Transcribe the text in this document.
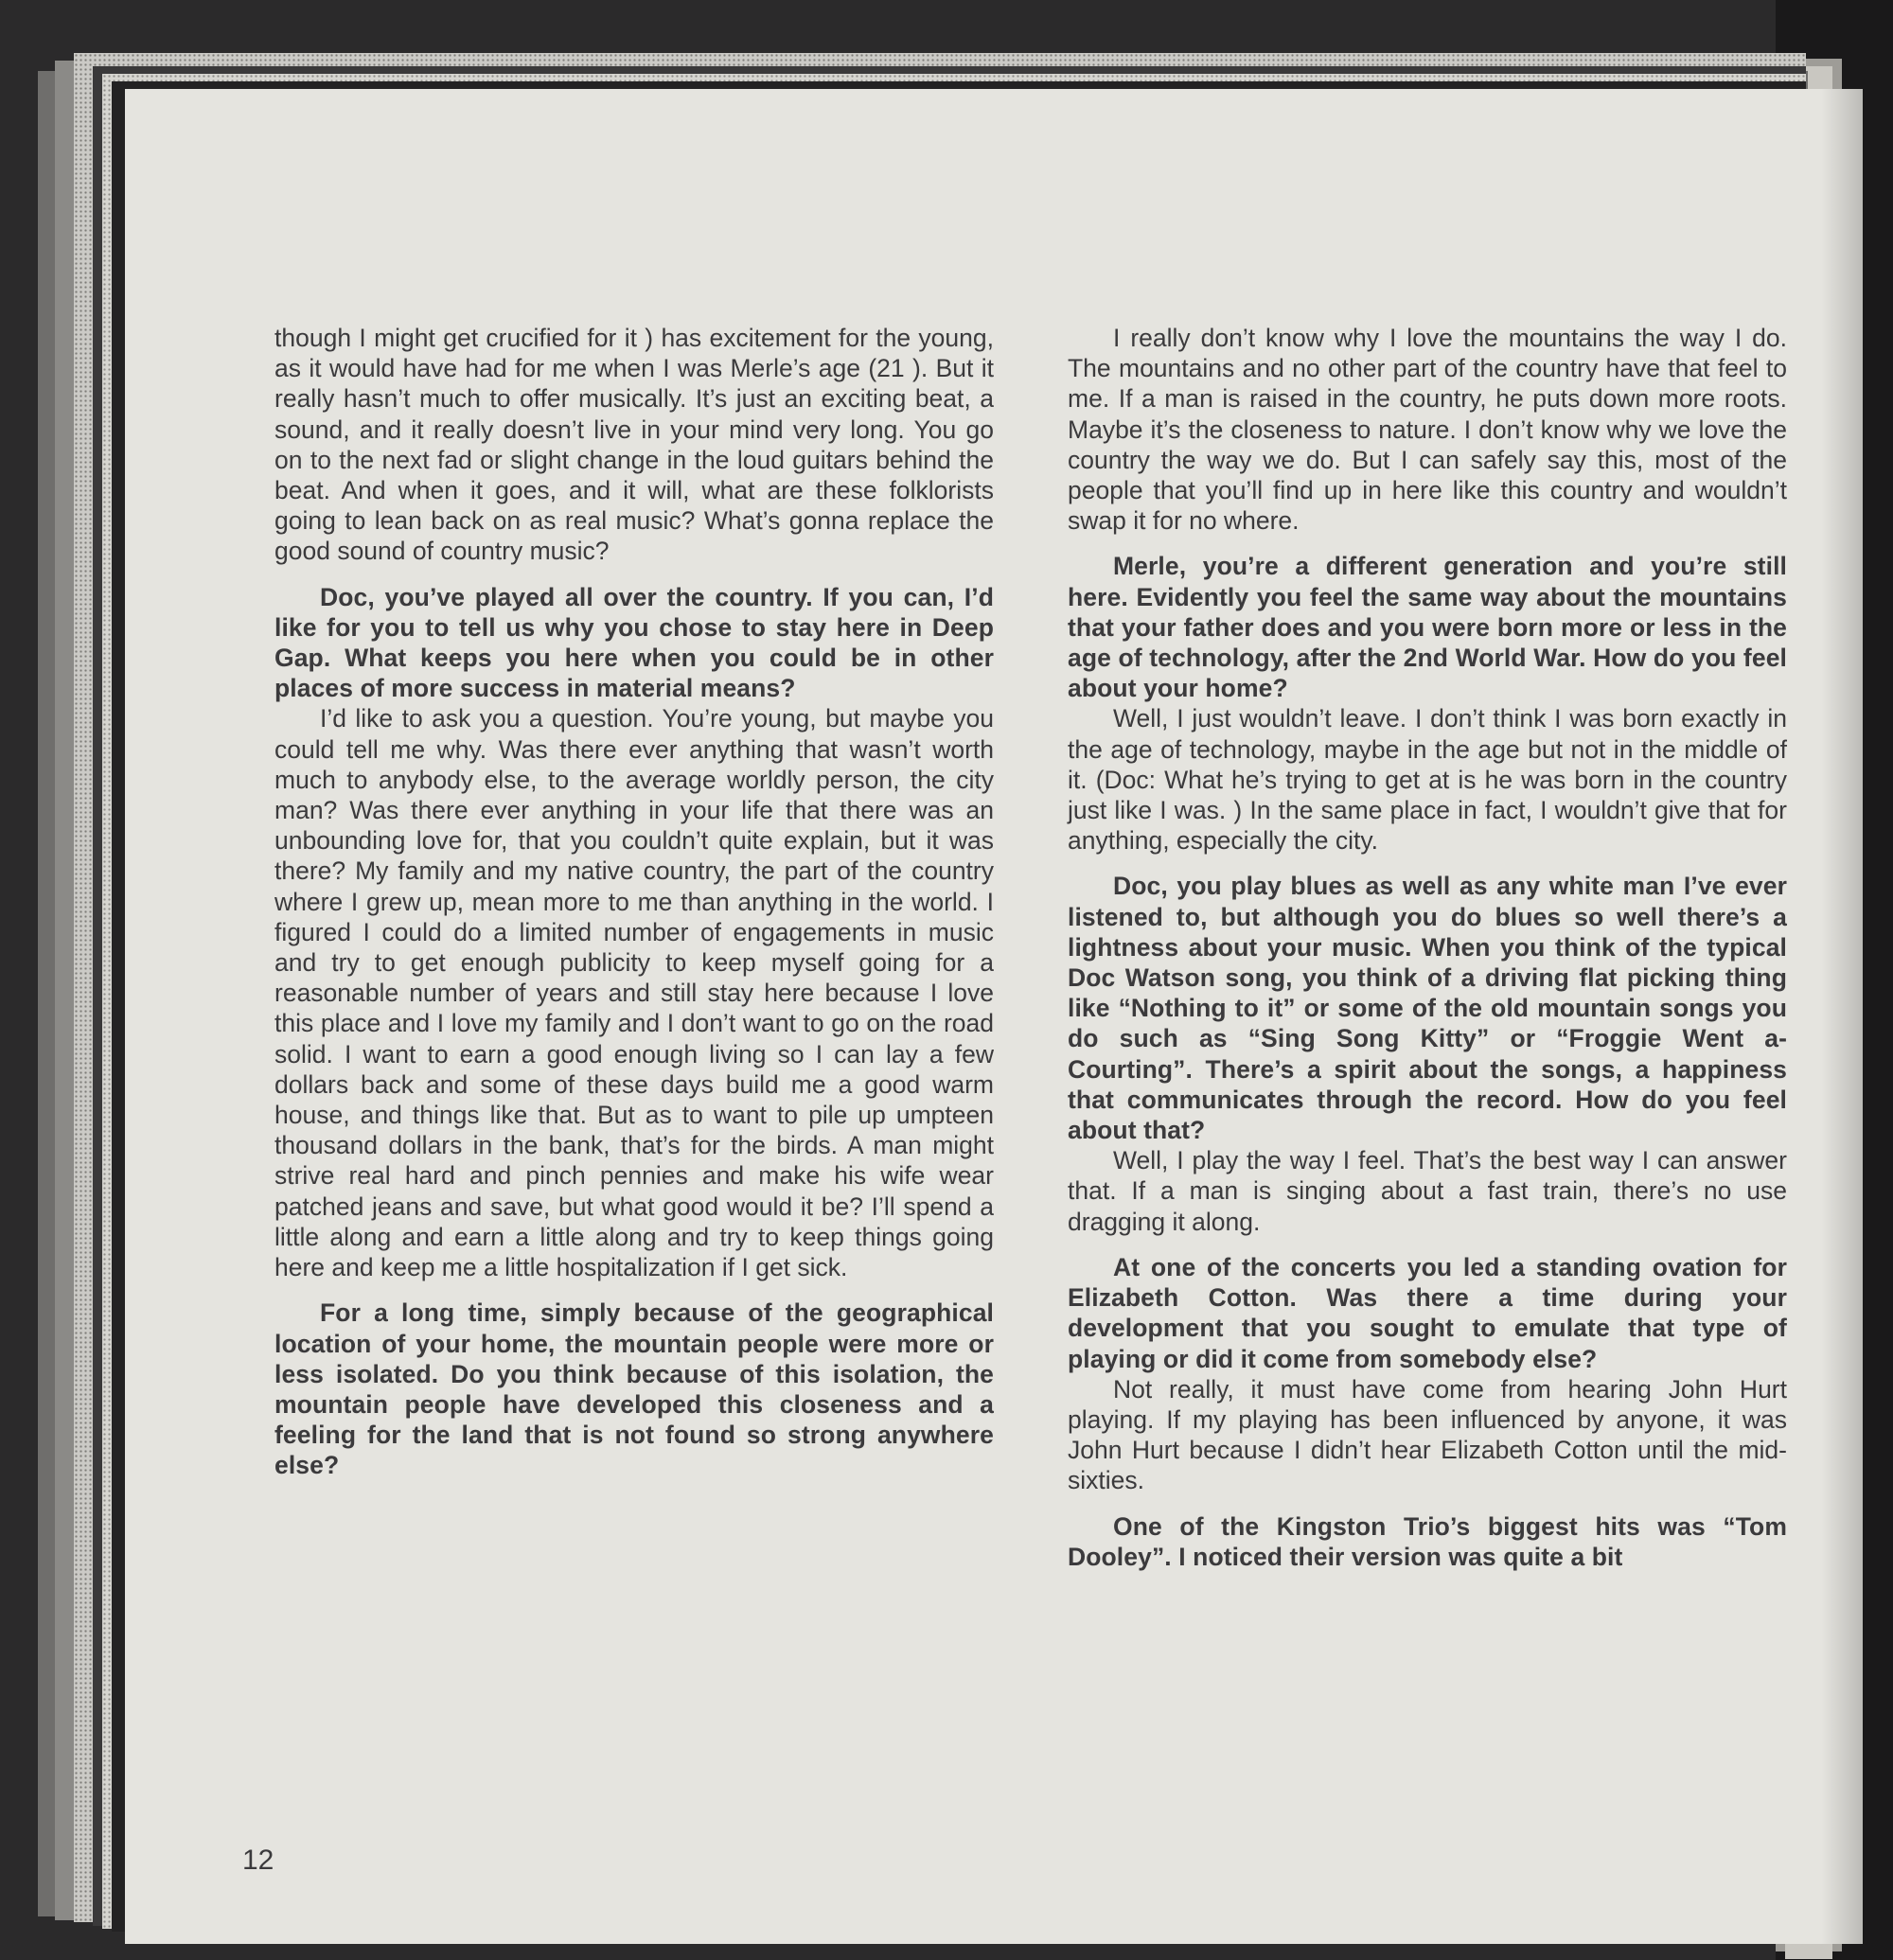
though I might get crucified for it ) has excitement for the young, as it would have had for me when I was Merle’s age (21 ). But it really hasn’t much to offer musically. It’s just an exciting beat, a sound, and it really doesn’t live in your mind very long. You go on to the next fad or slight change in the loud guitars behind the beat. And when it goes, and it will, what are these folklorists going to lean back on as real music? What’s gonna replace the good sound of country music?

Doc, you’ve played all over the country. If you can, I’d like for you to tell us why you chose to stay here in Deep Gap. What keeps you here when you could be in other places of more success in material means?

I’d like to ask you a question. You’re young, but maybe you could tell me why. Was there ever anything that wasn’t worth much to anybody else, to the average worldly person, the city man? Was there ever anything in your life that there was an unbounding love for, that you couldn’t quite explain, but it was there? My family and my native country, the part of the country where I grew up, mean more to me than anything in the world. I figured I could do a limited number of engagements in music and try to get enough publicity to keep myself going for a reasonable number of years and still stay here because I love this place and I love my family and I don’t want to go on the road solid. I want to earn a good enough living so I can lay a few dollars back and some of these days build me a good warm house, and things like that. But as to want to pile up umpteen thousand dollars in the bank, that’s for the birds. A man might strive real hard and pinch pennies and make his wife wear patched jeans and save, but what good would it be? I’ll spend a little along and earn a little along and try to keep things going here and keep me a little hospitalization if I get sick.

For a long time, simply because of the geographical location of your home, the mountain people were more or less isolated. Do you think because of this isolation, the mountain people have developed this closeness and a feeling for the land that is not found so strong anywhere else?

I really don’t know why I love the mountains the way I do. The mountains and no other part of the country have that feel to me. If a man is raised in the country, he puts down more roots. Maybe it’s the closeness to nature. I don’t know why we love the country the way we do. But I can safely say this, most of the people that you’ll find up in here like this country and wouldn’t swap it for no where.

Merle, you’re a different generation and you’re still here. Evidently you feel the same way about the mountains that your father does and you were born more or less in the age of technology, after the 2nd World War. How do you feel about your home?

Well, I just wouldn’t leave. I don’t think I was born exactly in the age of technology, maybe in the age but not in the middle of it. (Doc: What he’s trying to get at is he was born in the country just like I was. ) In the same place in fact, I wouldn’t give that for anything, especially the city.

Doc, you play blues as well as any white man I’ve ever listened to, but although you do blues so well there’s a lightness about your music. When you think of the typical Doc Watson song, you think of a driving flat picking thing like “Nothing to it” or some of the old mountain songs you do such as “Sing Song Kitty” or “Froggie Went a-Courting”. There’s a spirit about the songs, a happiness that communicates through the record. How do you feel about that?

Well, I play the way I feel. That’s the best way I can answer that. If a man is singing about a fast train, there’s no use dragging it along.

At one of the concerts you led a standing ovation for Elizabeth Cotton. Was there a time during your development that you sought to emulate that type of playing or did it come from somebody else?

Not really, it must have come from hearing John Hurt playing. If my playing has been influenced by anyone, it was John Hurt because I didn’t hear Elizabeth Cotton until the mid-sixties.

One of the Kingston Trio’s biggest hits was “Tom Dooley”. I noticed their version was quite a bit

12
